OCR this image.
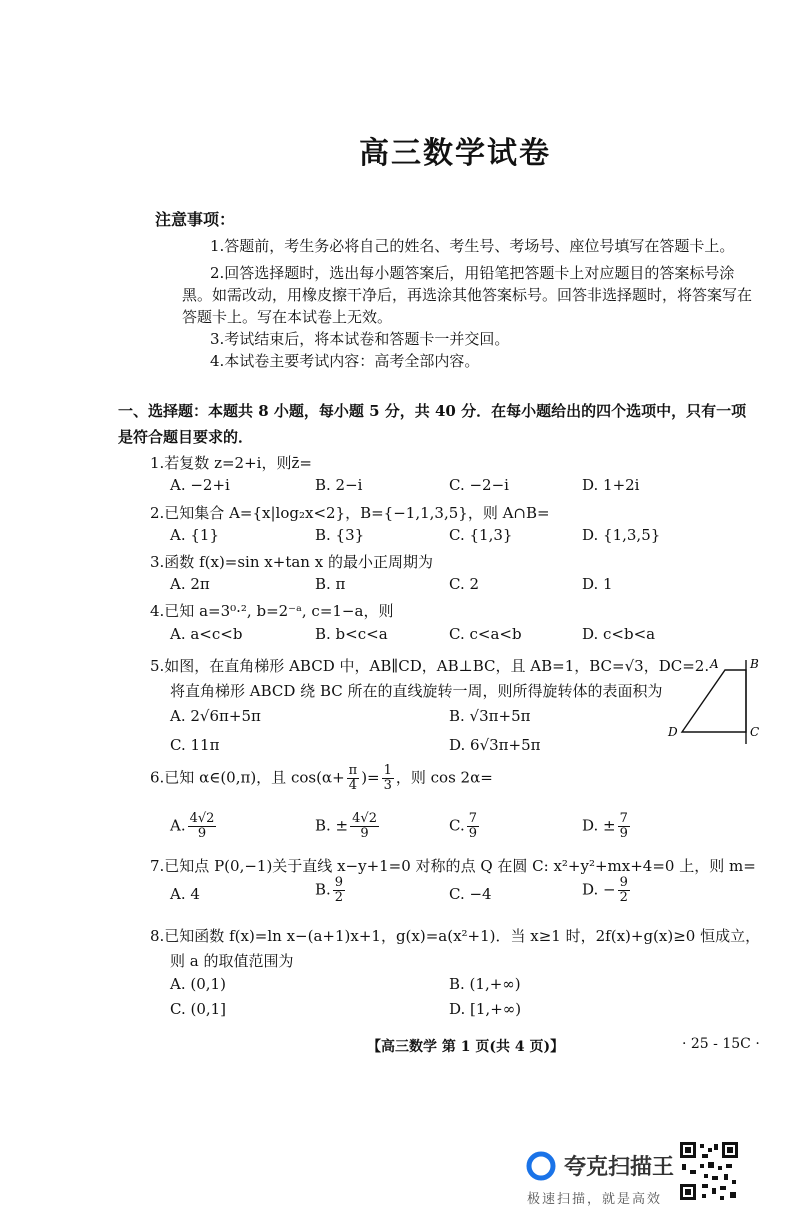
高三数学试卷
注意事项：
1.答题前，考生务必将自己的姓名、考生号、考场号、座位号填写在答题卡上。
2.回答选择题时，选出每小题答案后，用铅笔把答题卡上对应题目的答案标号涂
黑。如需改动，用橡皮擦干净后，再选涂其他答案标号。回答非选择题时，将答案写在
答题卡上。写在本试卷上无效。
3.考试结束后，将本试卷和答题卡一并交回。
4.本试卷主要考试内容：高考全部内容。
一、选择题：本题共 8 小题，每小题 5 分，共 40 分．在每小题给出的四个选项中，只有一项是符合题目要求的．
1.若复数 z=2+i，则z̄=
A. −2+i	B. 2−i	C. −2−i	D. 1+2i
2.已知集合 A={x|log₂x<2}，B={−1,1,3,5}，则 A∩B=
A. {1}	B. {3}	C. {1,3}	D. {1,3,5}
3.函数 f(x)=sin x+tan x 的最小正周期为
A. 2π	B. π	C. 2	D. 1
4.已知 a=3⁰·², b=2⁻ᵃ, c=1−a，则
A. a<c<b	B. b<c<a	C. c<a<b	D. c<b<a
5.如图，在直角梯形 ABCD 中，AB∥CD，AB⊥BC，且 AB=1，BC=√3，DC=2.
将直角梯形 ABCD 绕 BC 所在的直线旋转一周，则所得旋转体的表面积为
A. 2√6π+5π	B. √3π+5π
C. 11π	D. 6√3π+5π
A	B
C
D
6.已知 α∈(0,π)，且 $\cos(\alpha+ \frac{\pi}{4}$ )= $\frac{1}{3}$ ，则 cos 2α=
A. $\frac{4√2}{9}$	B. ± $\frac{4√2}{9}$	C. $\frac{7}{9}$	D. ± $\frac{7}{9}$
7.已知点 P(0,−1)关于直线 x−y+1=0 对称的点 Q 在圆 C: x²+y²+mx+4=0 上，则 m=
A. 4	B. $\frac{9}{2}$	C. −4	D. − $\frac{9}{2}$
8.已知函数 f(x)=ln x−(a+1)x+1，g(x)=a(x²+1)．当 x≥1 时，2f(x)+g(x)≥0 恒成立，
则 a 的取值范围为
A. (0,1)	B. (1,+∞)
C. (0,1]	D. [1,+∞)
【高三数学 第 1 页(共 4 页)】	· 25 - 15C ·
夸克扫描王
极速扫描，就是高效
